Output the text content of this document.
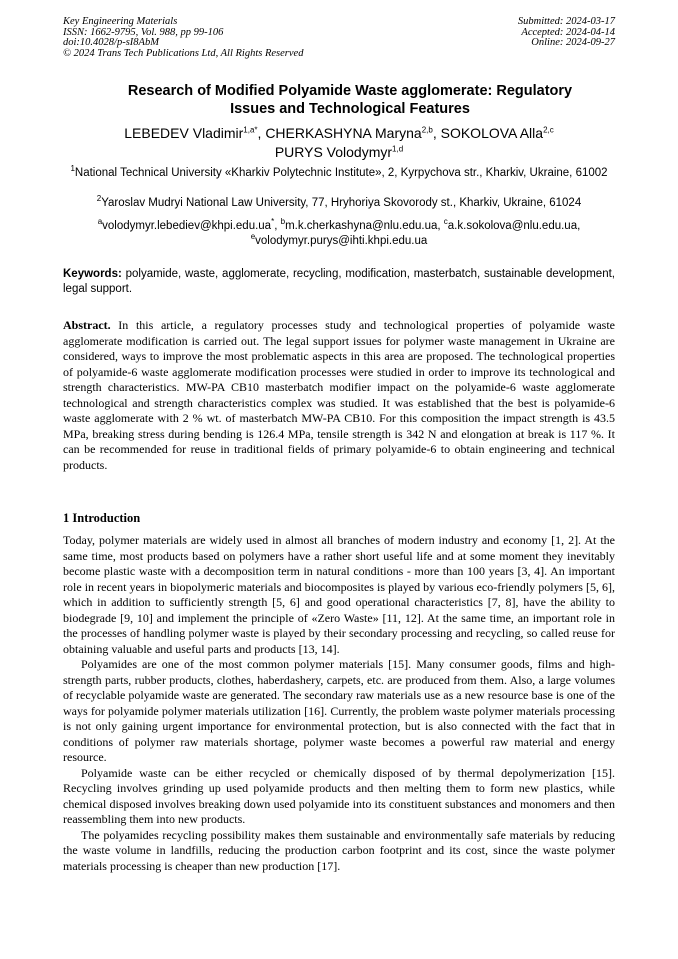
Key Engineering Materials
ISSN: 1662-9795, Vol. 988, pp 99-106
doi:10.4028/p-sI8AbM
© 2024 Trans Tech Publications Ltd, All Rights Reserved
Submitted: 2024-03-17
Accepted: 2024-04-14
Online: 2024-09-27
Research of Modified Polyamide Waste agglomerate: Regulatory
Issues and Technological Features
LEBEDEV Vladimir$^{1,a*}$, CHERKASHYNA Maryna$^{2,b}$, SOKOLOVA Alla$^{2,c}$
PURYS Volodymyr$^{1,d}$
$^1$National Technical University «Kharkiv Polytechnic Institute», 2, Kyrpychova str., Kharkiv, Ukraine, 61002
$^2$Yaroslav Mudryi National Law University, 77, Hryhoriya Skovorody st., Kharkiv, Ukraine, 61024
$^a$volodymyr.lebediev@khpi.edu.ua*, $^b$m.k.cherkashyna@nlu.edu.ua, $^c$a.k.sokolova@nlu.edu.ua,
$^e$volodymyr.purys@ihti.khpi.edu.ua
Keywords: polyamide, waste, agglomerate, recycling, modification, masterbatch, sustainable development, legal support.
Abstract. In this article, a regulatory processes study and technological properties of polyamide waste agglomerate modification is carried out. The legal support issues for polymer waste management in Ukraine are considered, ways to improve the most problematic aspects in this area are proposed. The technological properties of polyamide-6 waste agglomerate modification processes were studied in order to improve its technological and strength characteristics. MW-PA CB10 masterbatch modifier impact on the polyamide-6 waste agglomerate technological and strength characteristics complex was studied. It was established that the best is polyamide-6 waste agglomerate with 2 % wt. of masterbatch MW-PA CB10. For this composition the impact strength is 43.5 MPa, breaking stress during bending is 126.4 MPa, tensile strength is 342 N and elongation at break is 117 %. It can be recommended for reuse in traditional fields of primary polyamide-6 to obtain engineering and technical products.
1 Introduction

Today, polymer materials are widely used in almost all branches of modern industry and economy [1, 2]. At the same time, most products based on polymers have a rather short useful life and at some moment they inevitably become plastic waste with a decomposition term in natural conditions - more than 100 years [3, 4]. An important role in recent years in biopolymeric materials and biocomposites is played by various eco-friendly polymers [5, 6], which in addition to sufficiently strength [5, 6] and good operational characteristics [7, 8], have the ability to biodegrade [9, 10] and implement the principle of «Zero Waste» [11, 12]. At the same time, an important role in the processes of handling polymer waste is played by their secondary processing and recycling, so called reuse for obtaining valuable and useful parts and products [13, 14].

Polyamides are one of the most common polymer materials [15]. Many consumer goods, films and high-strength parts, rubber products, clothes, haberdashery, carpets, etc. are produced from them. Also, a large volumes of recyclable polyamide waste are generated. The secondary raw materials use as a new resource base is one of the ways for polyamide polymer materials utilization [16]. Currently, the problem waste polymer materials processing is not only gaining urgent importance for environmental protection, but is also connected with the fact that in conditions of polymer raw materials shortage, polymer waste becomes a powerful raw material and energy resource.

Polyamide waste can be either recycled or chemically disposed of by thermal depolymerization [15]. Recycling involves grinding up used polyamide products and then melting them to form new plastics, while chemical disposed involves breaking down used polyamide into its constituent substances and monomers and then reassembling them into new products.

The polyamides recycling possibility makes them sustainable and environmentally safe materials by reducing the waste volume in landfills, reducing the production carbon footprint and its cost, since the waste polymer materials processing is cheaper than new production [17].
